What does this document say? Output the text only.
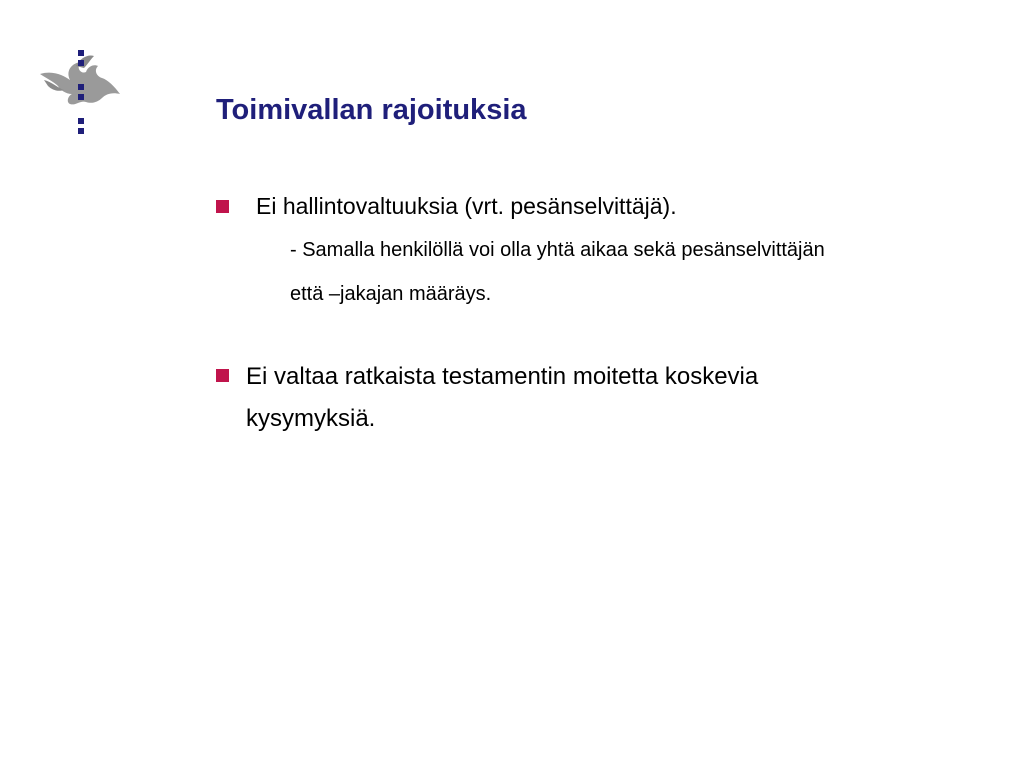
Toimivallan rajoituksia
Ei hallintovaltuuksia (vrt. pesänselvittäjä).
- Samalla henkilöllä voi olla yhtä aikaa sekä pesänselvittäjän
että –jakajan määräys.
Ei valtaa ratkaista testamentin moitetta koskevia
kysymyksiä.
